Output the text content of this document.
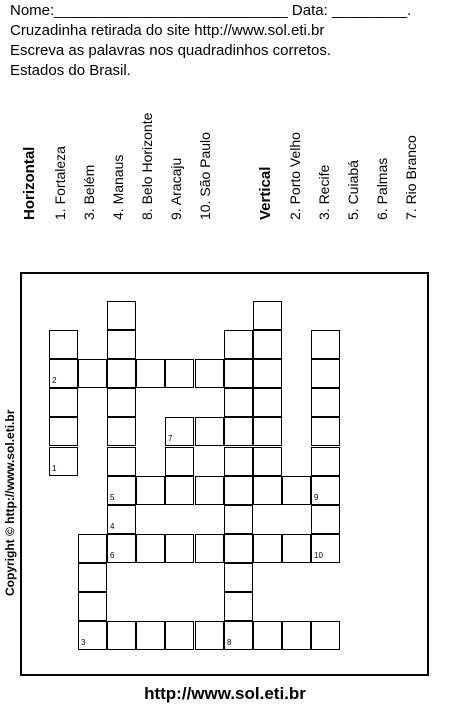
Nome:____________________________ Data: _________.
Cruzadinha retirada do site http://www.sol.eti.br
Escreva as palavras nos quadradinhos corretos.
Estados do Brasil.
Horizontal 1. Fortaleza 3. Belém 4. Manaus 8. Belo Horizonte 9. Aracaju 10. São Paulo	Vertical 2. Porto Velho 3. Recife 5. Cuiabá 6. Palmas 7. Rio Branco
2
7
1
5	9
4
6	10
3	8
Copyright © http://www.sol.eti.br
http://www.sol.eti.br
